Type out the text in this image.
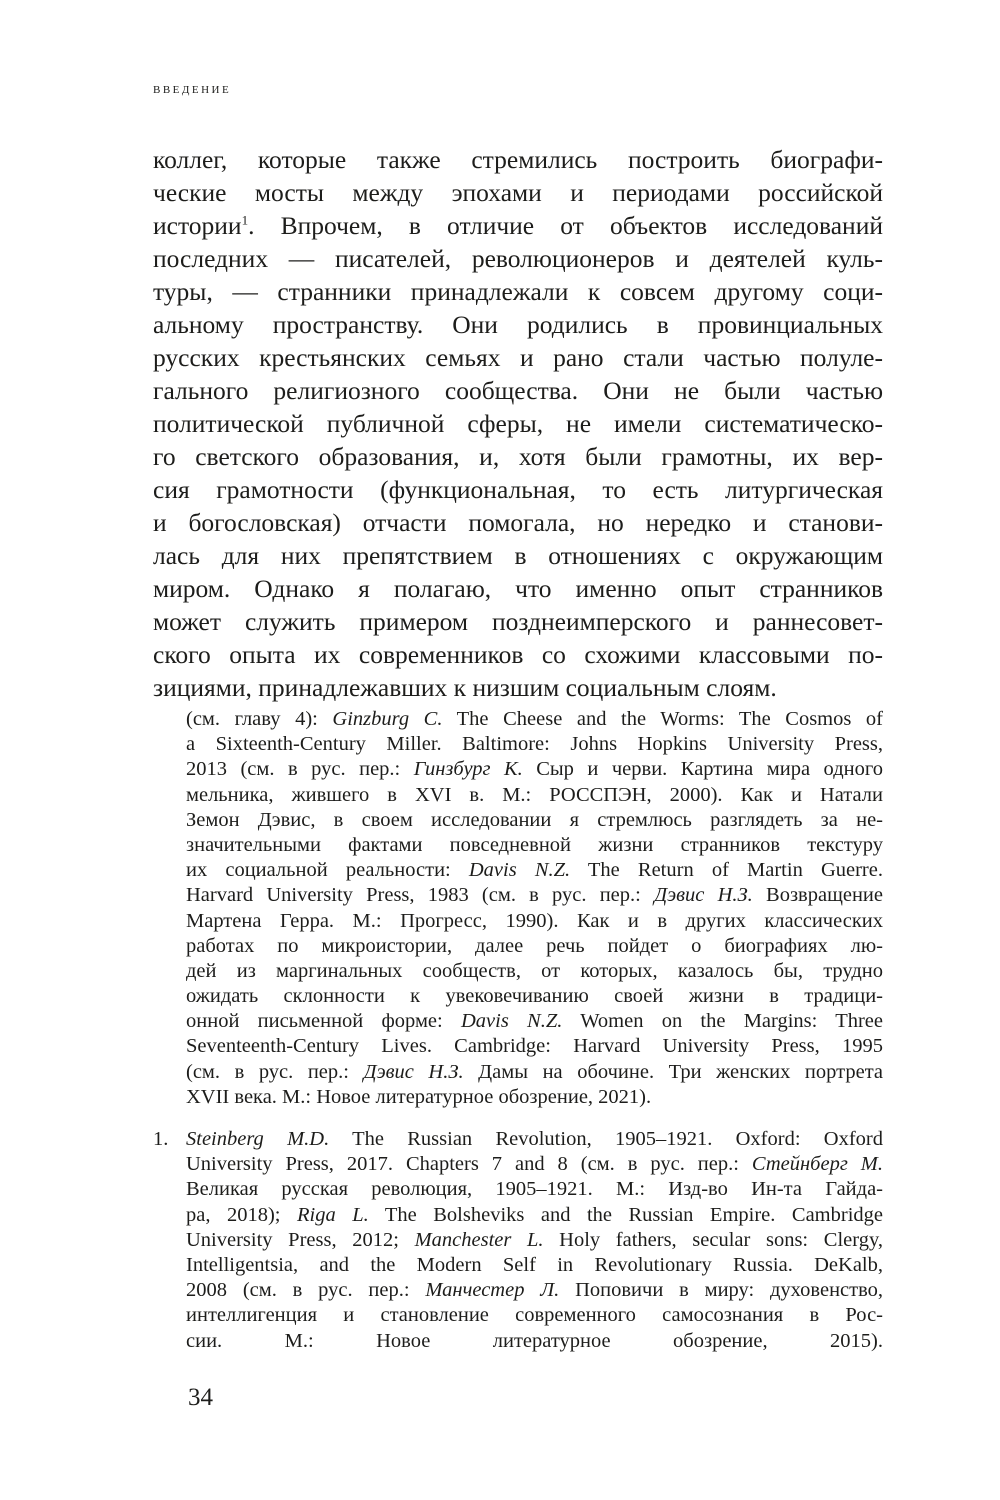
ВВЕДЕНИЕ
коллег, которые также стремились построить биографи-
ческие мосты между эпохами и периодами российской
истории$^1$. Впрочем, в отличие от объектов исследований
последних — писателей, революционеров и деятелей куль-
туры, — странники принадлежали к совсем другому соци-
альному пространству. Они родились в провинциальных
русских крестьянских семьях и рано стали частью полуле-
гального религиозного сообщества. Они не были частью
политической публичной сферы, не имели систематическо-
го светского образования, и, хотя были грамотны, их вер-
сия грамотности (функциональная, то есть литургическая
и богословская) отчасти помогала, но нередко и станови-
лась для них препятствием в отношениях с окружающим
миром. Однако я полагаю, что именно опыт странников
может служить примером позднеимперского и раннесовет-
ского опыта их современников со схожими классовыми по-
зициями, принадлежавших к низшим социальным слоям.
(см. главу 4): Ginzburg C. The Cheese and the Worms: The Cosmos of
a Sixteenth-Century Miller. Baltimore: Johns Hopkins University Press,
2013 (см. в рус. пер.: Гинзбург К. Сыр и черви. Картина мира одного
мельника, жившего в XVI в. М.: РОССПЭН, 2000). Как и Натали
Земон Дэвис, в своем исследовании я стремлюсь разглядеть за не-
значительными фактами повседневной жизни странников текстуру
их социальной реальности: Davis N.Z. The Return of Martin Guerre.
Harvard University Press, 1983 (см. в рус. пер.: Дэвис Н.З. Возвращение
Мартена Герра. М.: Прогресс, 1990). Как и в других классических
работах по микроистории, далее речь пойдет о биографиях лю-
дей из маргинальных сообществ, от которых, казалось бы, трудно
ожидать склонности к увековечиванию своей жизни в традици-
онной письменной форме: Davis N.Z. Women on the Margins: Three
Seventeenth-Century Lives. Cambridge: Harvard University Press, 1995
(см. в рус. пер.: Дэвис Н.З. Дамы на обочине. Три женских портрета
XVII века. М.: Новое литературное обозрение, 2021).
1. Steinberg M.D. The Russian Revolution, 1905–1921. Oxford: Oxford
University Press, 2017. Chapters 7 and 8 (см. в рус. пер.: Стейнберг М.
Великая русская революция, 1905–1921. М.: Изд-во Ин-та Гайда-
ра, 2018); Riga L. The Bolsheviks and the Russian Empire. Cambridge
University Press, 2012; Manchester L. Holy fathers, secular sons: Clergy,
Intelligentsia, and the Modern Self in Revolutionary Russia. DeKalb,
2008 (см. в рус. пер.: Манчестер Л. Поповичи в миру: духовенство,
интеллигенция и становление современного самосознания в Рос-
сии. М.: Новое литературное обозрение, 2015).
34
